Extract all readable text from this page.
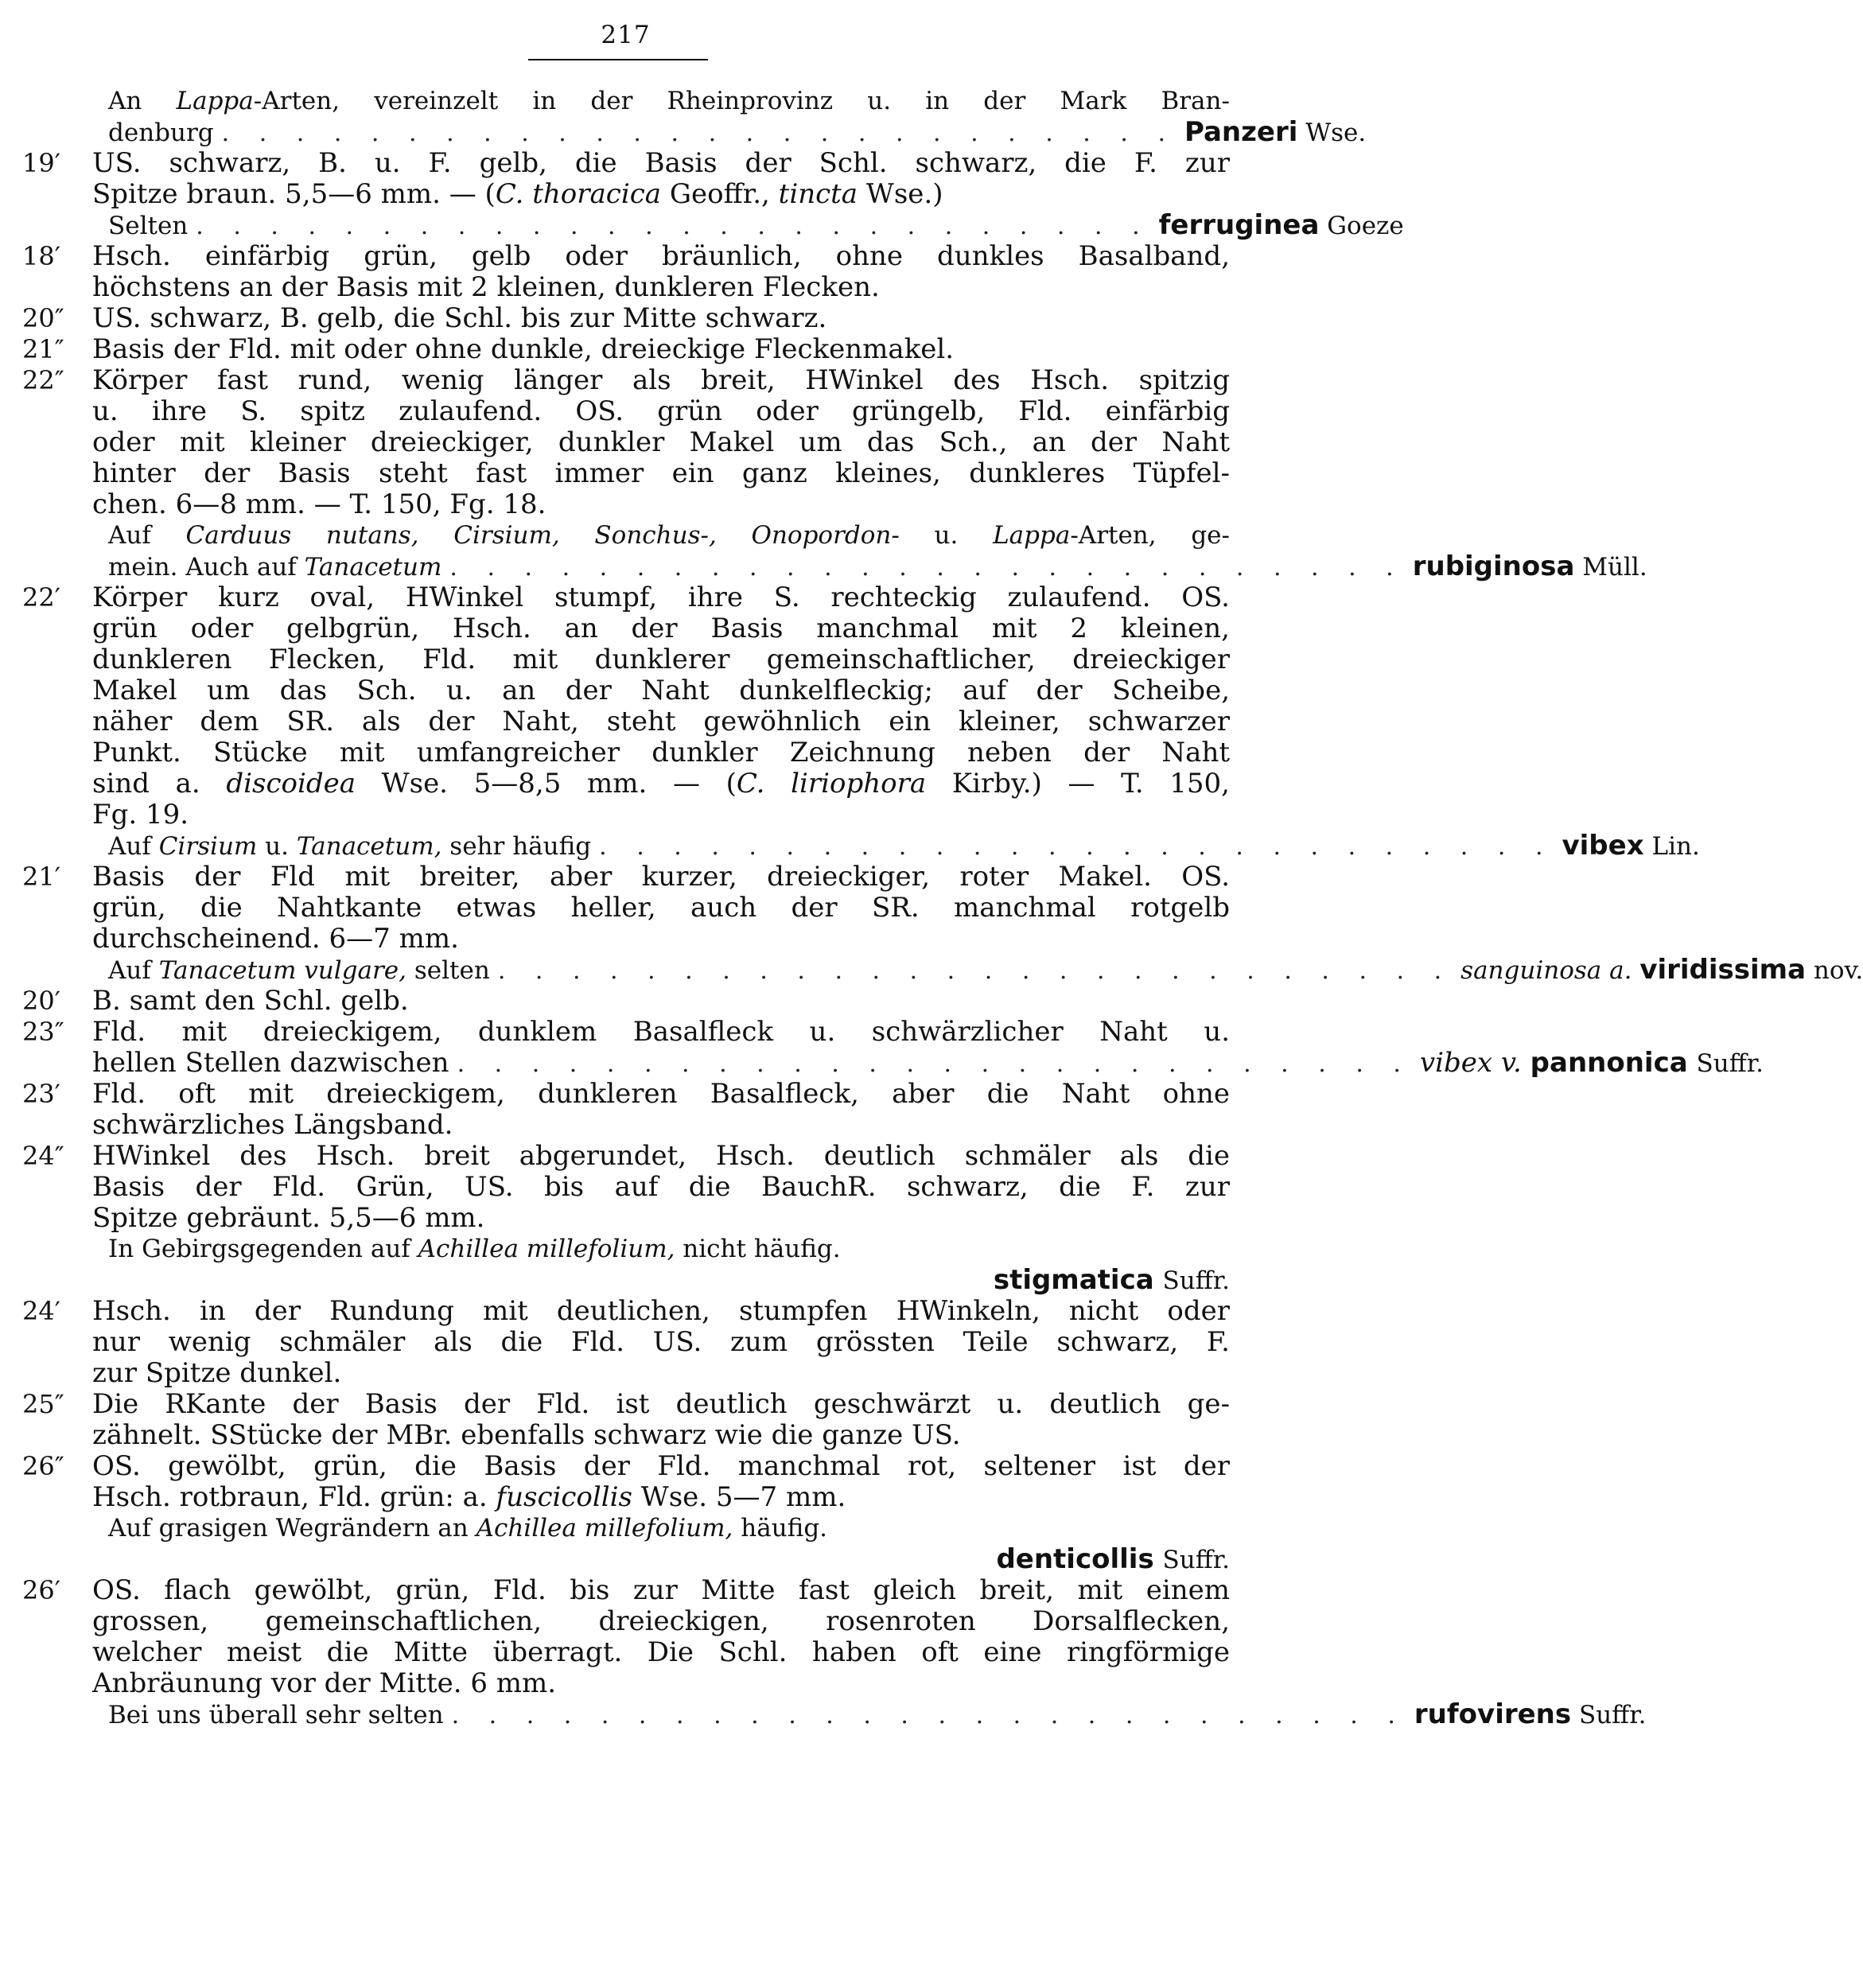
217
An Lappa-Arten, vereinzelt in der Rheinprovinz u. in der Mark Bran-
denburg . . . . . . . . . . . . . . . . . . . . . . . . . . Panzeri Wse.
19′	US. schwarz, B. u. F. gelb, die Basis der Schl. schwarz, die F. zur
Spitze braun. 5,5—6 mm. — (C. thoracica Geoffr., tincta Wse.)
Selten . . . . . . . . . . . . . . . . . . . . . . . . . . ferruginea Goeze
18′	Hsch. einfärbig grün, gelb oder bräunlich, ohne dunkles Basalband,
höchstens an der Basis mit 2 kleinen, dunkleren Flecken.
20″	US. schwarz, B. gelb, die Schl. bis zur Mitte schwarz.
21″	Basis der Fld. mit oder ohne dunkle, dreieckige Fleckenmakel.
22″	Körper fast rund, wenig länger als breit, HWinkel des Hsch. spitzig
u. ihre S. spitz zulaufend. OS. grün oder grüngelb, Fld. einfärbig
oder mit kleiner dreieckiger, dunkler Makel um das Sch., an der Naht
hinter der Basis steht fast immer ein ganz kleines, dunkleres Tüpfel-
chen. 6—8 mm. — T. 150, Fg. 18.
Auf Carduus nutans, Cirsium, Sonchus-, Onopordon- u. Lappa-Arten, ge-
mein. Auch auf Tanacetum . . . . . . . . . . . . . . . . . . . . . . . . . . rubiginosa Müll.
22′	Körper kurz oval, HWinkel stumpf, ihre S. rechteckig zulaufend. OS.
grün oder gelbgrün, Hsch. an der Basis manchmal mit 2 kleinen,
dunkleren Flecken, Fld. mit dunklerer gemeinschaftlicher, dreieckiger
Makel um das Sch. u. an der Naht dunkelfleckig; auf der Scheibe,
näher dem SR. als der Naht, steht gewöhnlich ein kleiner, schwarzer
Punkt. Stücke mit umfangreicher dunkler Zeichnung neben der Naht
sind a. discoidea Wse. 5—8,5 mm. — (C. liriophora Kirby.) — T. 150,
Fg. 19.
Auf Cirsium u. Tanacetum, sehr häufig . . . . . . . . . . . . . . . . . . . . . . . . . . vibex Lin.
21′	Basis der Fld mit breiter, aber kurzer, dreieckiger, roter Makel. OS.
grün, die Nahtkante etwas heller, auch der SR. manchmal rotgelb
durchscheinend. 6—7 mm.
Auf Tanacetum vulgare, selten . . . . . . . . . . . . . . . . . . . . . . . . . . sanguinosa a. viridissima nov.
20′	B. samt den Schl. gelb.
23″	Fld. mit dreieckigem, dunklem Basalfleck u. schwärzlicher Naht u.
hellen Stellen dazwischen . . . . . . . . . . . . . . . . . . . . . . . . . . vibex v. pannonica Suffr.
23′	Fld. oft mit dreieckigem, dunkleren Basalfleck, aber die Naht ohne
schwärzliches Längsband.
24″	HWinkel des Hsch. breit abgerundet, Hsch. deutlich schmäler als die
Basis der Fld. Grün, US. bis auf die BauchR. schwarz, die F. zur
Spitze gebräunt. 5,5—6 mm.
In Gebirgsgegenden auf Achillea millefolium, nicht häufig.
stigmatica Suffr.
24′	Hsch. in der Rundung mit deutlichen, stumpfen HWinkeln, nicht oder
nur wenig schmäler als die Fld. US. zum grössten Teile schwarz, F.
zur Spitze dunkel.
25″	Die RKante der Basis der Fld. ist deutlich geschwärzt u. deutlich ge-
zähnelt. SStücke der MBr. ebenfalls schwarz wie die ganze US.
26″	OS. gewölbt, grün, die Basis der Fld. manchmal rot, seltener ist der
Hsch. rotbraun, Fld. grün: a. fuscicollis Wse. 5—7 mm.
Auf grasigen Wegrändern an Achillea millefolium, häufig.
denticollis Suffr.
26′	OS. flach gewölbt, grün, Fld. bis zur Mitte fast gleich breit, mit einem
grossen, gemeinschaftlichen, dreieckigen, rosenroten Dorsalflecken,
welcher meist die Mitte überragt. Die Schl. haben oft eine ringförmige
Anbräunung vor der Mitte. 6 mm.
Bei uns überall sehr selten . . . . . . . . . . . . . . . . . . . . . . . . . . rufovirens Suffr.
